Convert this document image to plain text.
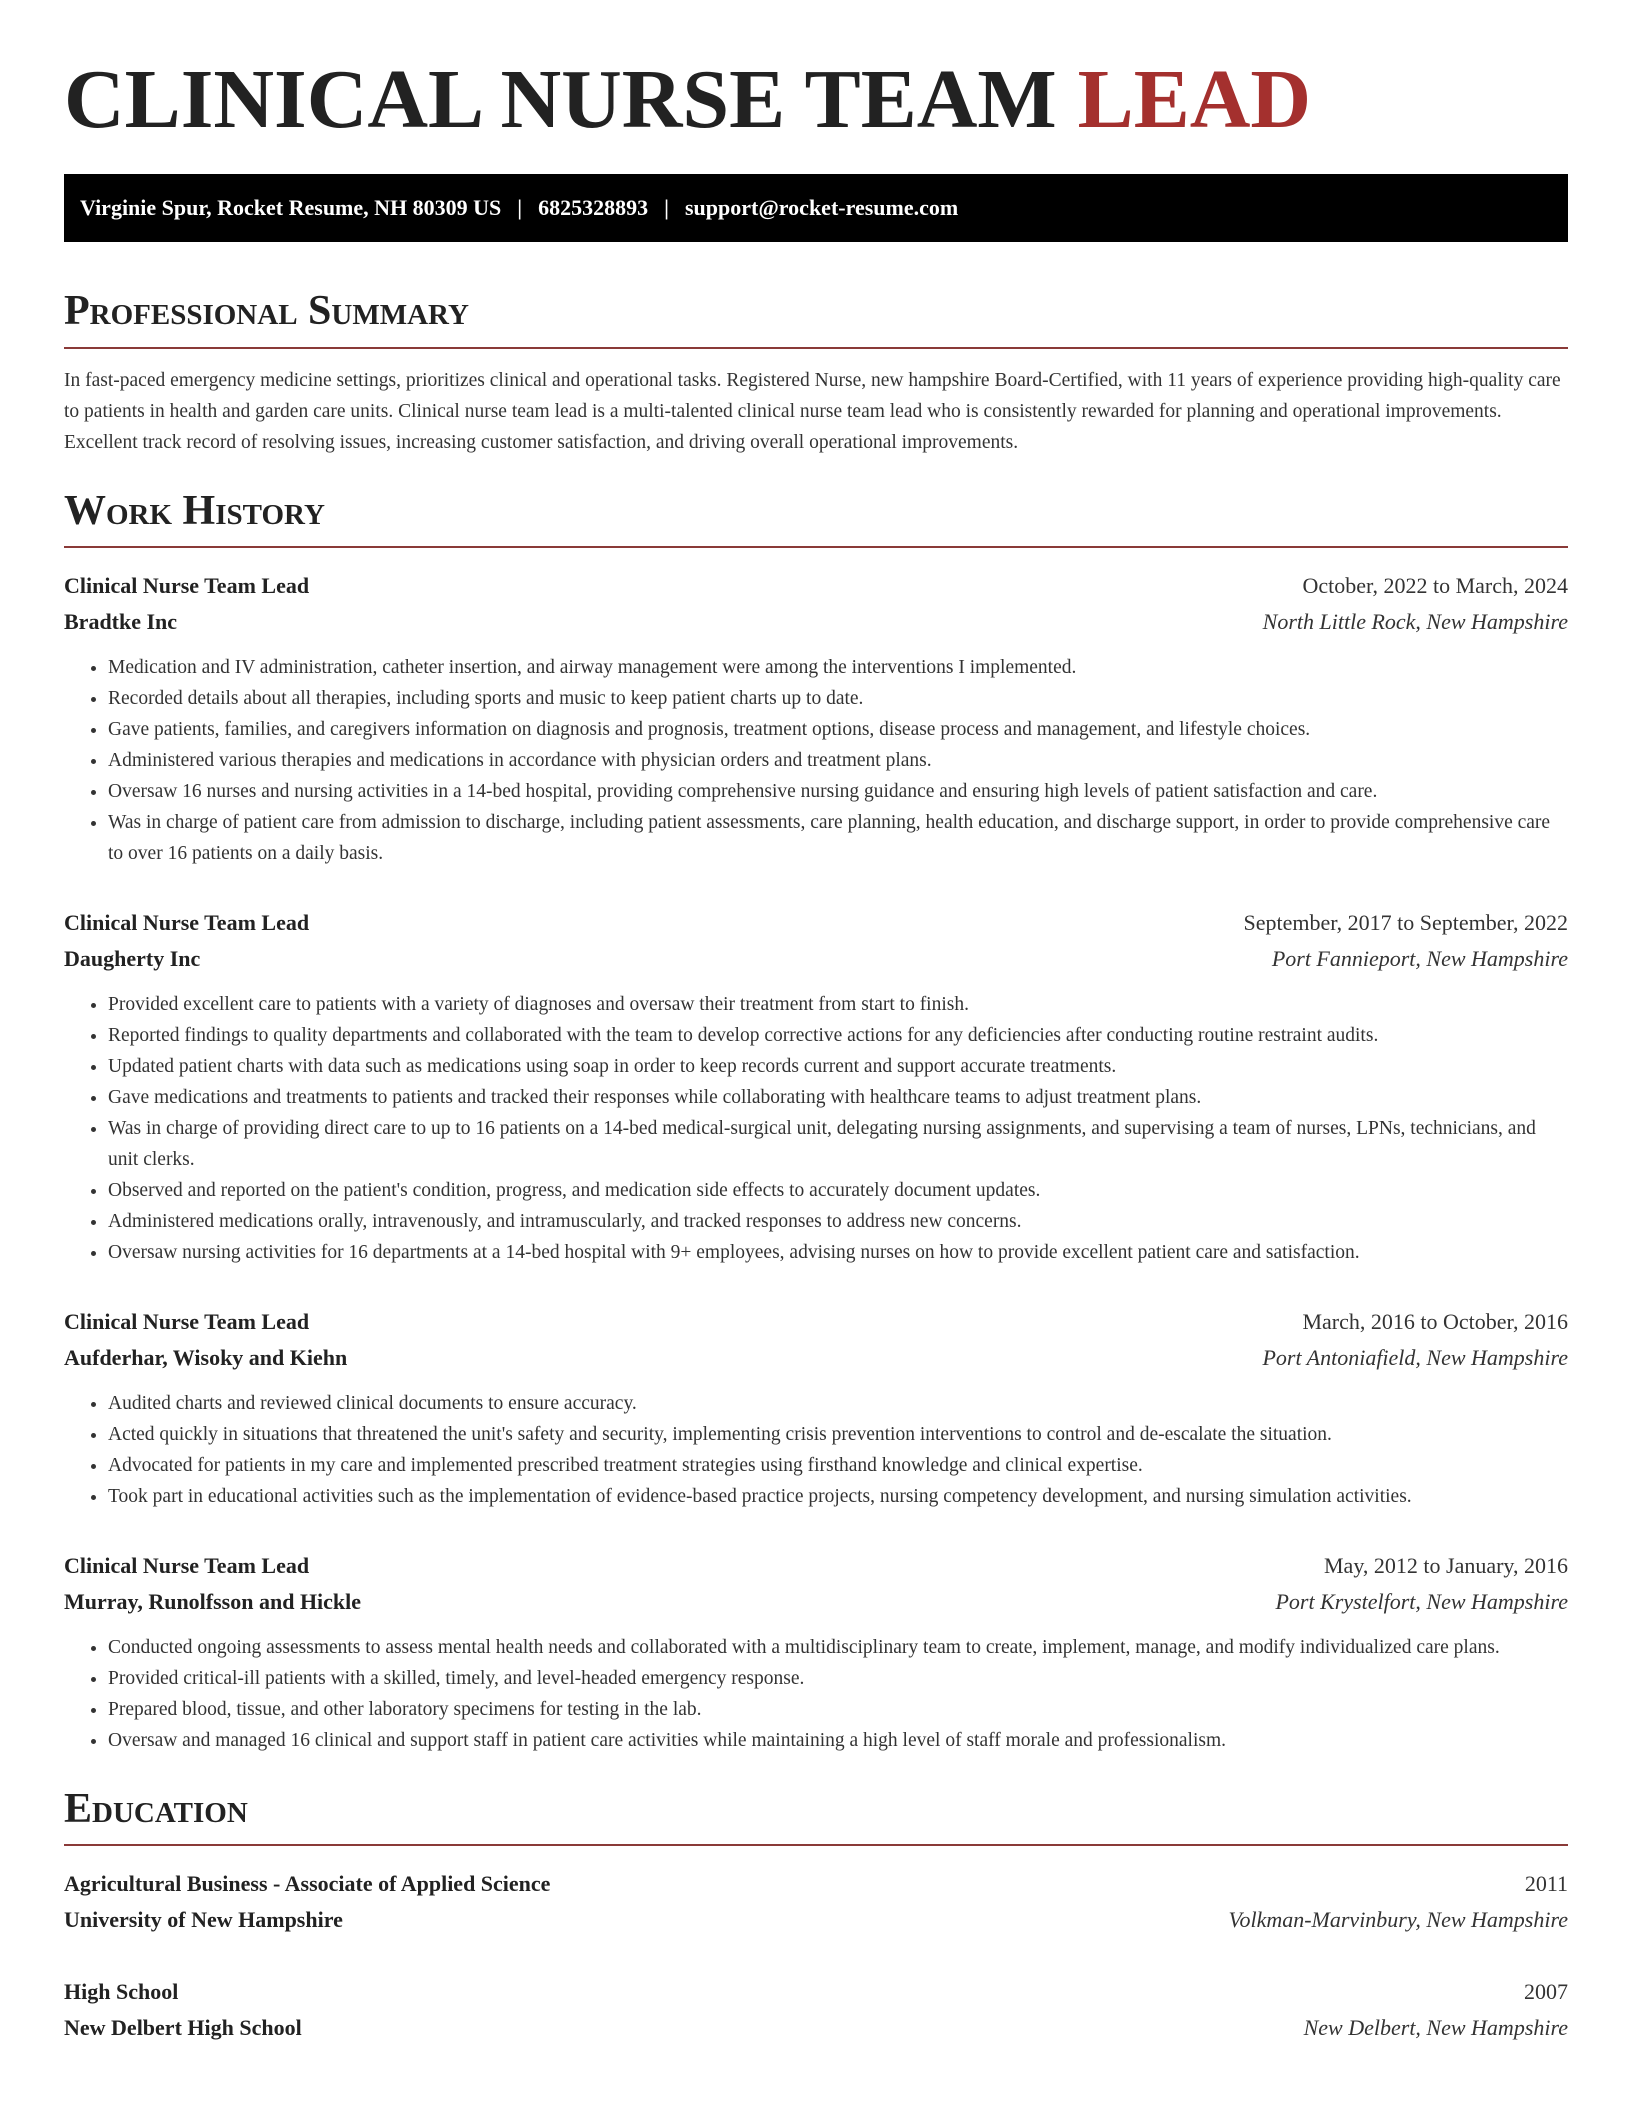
CLINICAL NURSE TEAM LEAD
Virginie Spur, Rocket Resume, NH 80309 US | 6825328893 | support@rocket-resume.com
Professional Summary

In fast-paced emergency medicine settings, prioritizes clinical and operational tasks. Registered Nurse, new hampshire Board-Certified, with 11 years of experience providing high-quality care to patients in health and garden care units. Clinical nurse team lead is a multi-talented clinical nurse team lead who is consistently rewarded for planning and operational improvements. Excellent track record of resolving issues, increasing customer satisfaction, and driving overall operational improvements.

Work History
Clinical Nurse Team Lead	October, 2022 to March, 2024
Bradtke Inc	North Little Rock, New Hampshire
• Medication and IV administration, catheter insertion, and airway management were among the interventions I implemented.
• Recorded details about all therapies, including sports and music to keep patient charts up to date.
• Gave patients, families, and caregivers information on diagnosis and prognosis, treatment options, disease process and management, and lifestyle choices.
• Administered various therapies and medications in accordance with physician orders and treatment plans.
• Oversaw 16 nurses and nursing activities in a 14-bed hospital, providing comprehensive nursing guidance and ensuring high levels of patient satisfaction and care.
• Was in charge of patient care from admission to discharge, including patient assessments, care planning, health education, and discharge support, in order to provide comprehensive care to over 16 patients on a daily basis.
Clinical Nurse Team Lead	September, 2017 to September, 2022
Daugherty Inc	Port Fannieport, New Hampshire
• Provided excellent care to patients with a variety of diagnoses and oversaw their treatment from start to finish.
• Reported findings to quality departments and collaborated with the team to develop corrective actions for any deficiencies after conducting routine restraint audits.
• Updated patient charts with data such as medications using soap in order to keep records current and support accurate treatments.
• Gave medications and treatments to patients and tracked their responses while collaborating with healthcare teams to adjust treatment plans.
• Was in charge of providing direct care to up to 16 patients on a 14-bed medical-surgical unit, delegating nursing assignments, and supervising a team of nurses, LPNs, technicians, and unit clerks.
• Observed and reported on the patient's condition, progress, and medication side effects to accurately document updates.
• Administered medications orally, intravenously, and intramuscularly, and tracked responses to address new concerns.
• Oversaw nursing activities for 16 departments at a 14-bed hospital with 9+ employees, advising nurses on how to provide excellent patient care and satisfaction.
Clinical Nurse Team Lead	March, 2016 to October, 2016
Aufderhar, Wisoky and Kiehn	Port Antoniafield, New Hampshire
• Audited charts and reviewed clinical documents to ensure accuracy.
• Acted quickly in situations that threatened the unit's safety and security, implementing crisis prevention interventions to control and de-escalate the situation.
• Advocated for patients in my care and implemented prescribed treatment strategies using firsthand knowledge and clinical expertise.
• Took part in educational activities such as the implementation of evidence-based practice projects, nursing competency development, and nursing simulation activities.
Clinical Nurse Team Lead	May, 2012 to January, 2016
Murray, Runolfsson and Hickle	Port Krystelfort, New Hampshire
• Conducted ongoing assessments to assess mental health needs and collaborated with a multidisciplinary team to create, implement, manage, and modify individualized care plans.
• Provided critical-ill patients with a skilled, timely, and level-headed emergency response.
• Prepared blood, tissue, and other laboratory specimens for testing in the lab.
• Oversaw and managed 16 clinical and support staff in patient care activities while maintaining a high level of staff morale and professionalism.
Education
Agricultural Business - Associate of Applied Science	2011
University of New Hampshire	Volkman-Marvinbury, New Hampshire
High School	2007
New Delbert High School	New Delbert, New Hampshire
